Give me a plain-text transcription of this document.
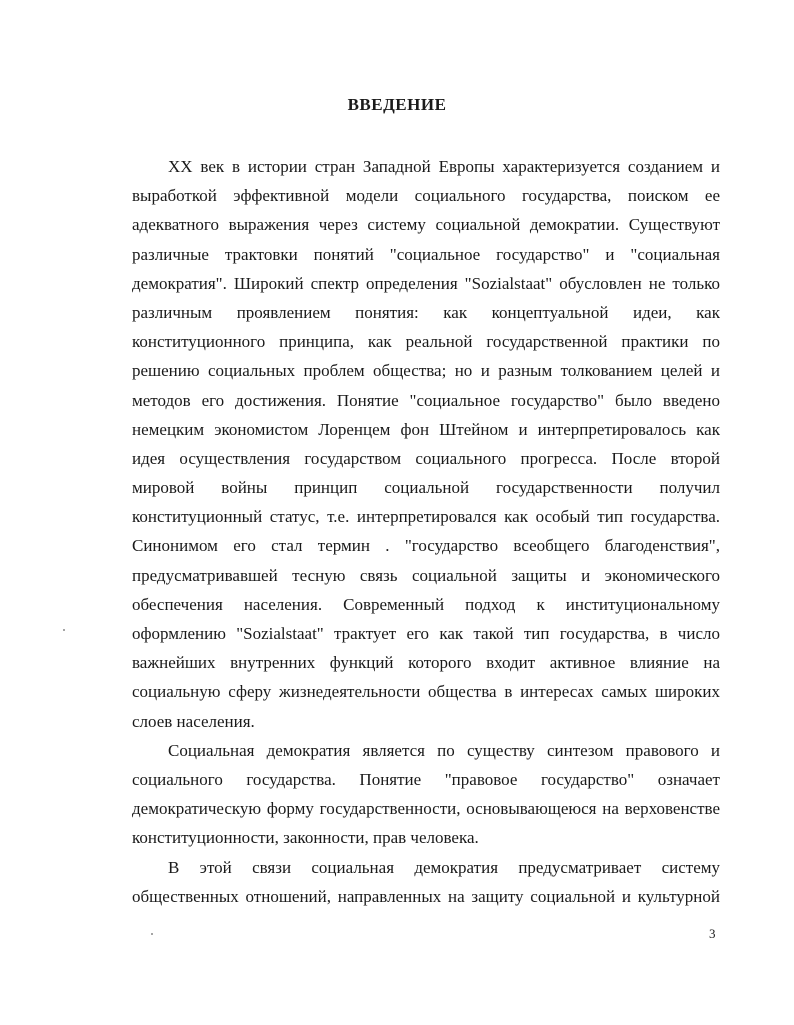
ВВЕДЕНИЕ
XX век в истории стран Западной Европы характеризуется созданием и
выработкой эффективной модели социального государства, поиском ее
адекватного выражения через систему социальной демократии. Существуют
различные трактовки понятий "социальное государство" и "социальная
демократия". Широкий спектр определения "Sozialstaat" обусловлен не только
различным проявлением понятия: как концептуальной идеи, как
конституционного принципа, как реальной государственной практики по
решению социальных проблем общества; но и разным толкованием целей и
методов его достижения. Понятие "социальное государство" было введено
немецким экономистом Лоренцем фон Штейном и интерпретировалось как
идея осуществления государством социального прогресса. После второй
мировой войны принцип социальной государственности получил
конституционный статус, т.е. интерпретировался как особый тип государства.
Синонимом его стал термин . "государство всеобщего благоденствия",
предусматривавшей тесную связь социальной защиты и экономического
обеспечения населения. Современный подход к институциональному
оформлению "Sozialstaat" трактует его как такой тип государства, в число
важнейших внутренних функций которого входит активное влияние на
социальную сферу жизнедеятельности общества в интересах самых широких
слоев населения.
Социальная демократия является по существу синтезом правового и
социального государства. Понятие "правовое государство" означает
демократическую форму государственности, основывающеюся на верховенстве
конституционности, законности, прав человека.
В этой связи социальная демократия предусматривает систему
общественных отношений, направленных на защиту социальной и культурной
3
